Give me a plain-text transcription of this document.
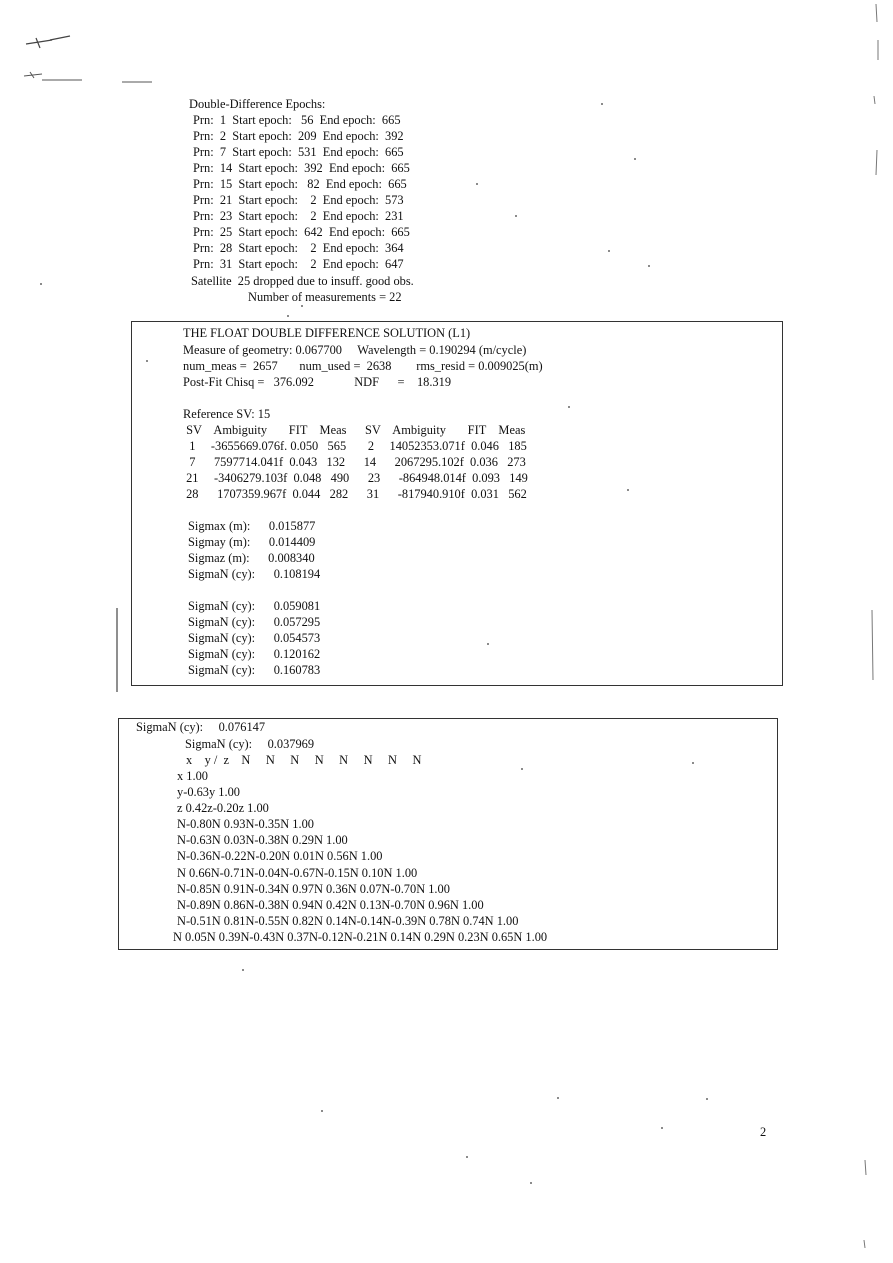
Double-Difference Epochs:
Prn:  1  Start epoch:   56  End epoch:  665
Prn:  2  Start epoch:  209  End epoch:  392
Prn:  7  Start epoch:  531  End epoch:  665
Prn:  14  Start epoch:  392  End epoch:  665
Prn:  15  Start epoch:   82  End epoch:  665
Prn:  21  Start epoch:    2  End epoch:  573
Prn:  23  Start epoch:    2  End epoch:  231
Prn:  25  Start epoch:  642  End epoch:  665
Prn:  28  Start epoch:    2  End epoch:  364
Prn:  31  Start epoch:    2  End epoch:  647
Satellite  25 dropped due to insuff. good obs.
Number of measurements = 22
THE FLOAT DOUBLE DIFFERENCE SOLUTION (L1)
Measure of geometry: 0.067700     Wavelength = 0.190294 (m/cycle)
num_meas =  2657       num_used =  2638        rms_resid = 0.009025(m)
Post-Fit Chisq =   376.092             NDF      =    18.319
Reference SV: 15
SV    Ambiguity       FIT    Meas      SV    Ambiguity       FIT    Meas
1     -3655669.076f. 0.050   565       2     14052353.071f  0.046   185
7      7597714.041f  0.043   132      14      2067295.102f  0.036   273
21     -3406279.103f  0.048   490      23      -864948.014f  0.093   149
28      1707359.967f  0.044   282      31      -817940.910f  0.031   562
Sigmax (m):      0.015877
Sigmay (m):      0.014409
Sigmaz (m):      0.008340
SigmaN (cy):      0.108194
SigmaN (cy):      0.059081
SigmaN (cy):      0.057295
SigmaN (cy):      0.054573
SigmaN (cy):      0.120162
SigmaN (cy):      0.160783
SigmaN (cy):     0.076147
SigmaN (cy):     0.037969
x    y /  z    N     N     N     N     N     N     N     N
x 1.00
y-0.63y 1.00
z 0.42z-0.20z 1.00
N-0.80N 0.93N-0.35N 1.00
N-0.63N 0.03N-0.38N 0.29N 1.00
N-0.36N-0.22N-0.20N 0.01N 0.56N 1.00
N 0.66N-0.71N-0.04N-0.67N-0.15N 0.10N 1.00
N-0.85N 0.91N-0.34N 0.97N 0.36N 0.07N-0.70N 1.00
N-0.89N 0.86N-0.38N 0.94N 0.42N 0.13N-0.70N 0.96N 1.00
N-0.51N 0.81N-0.55N 0.82N 0.14N-0.14N-0.39N 0.78N 0.74N 1.00
N 0.05N 0.39N-0.43N 0.37N-0.12N-0.21N 0.14N 0.29N 0.23N 0.65N 1.00
2
